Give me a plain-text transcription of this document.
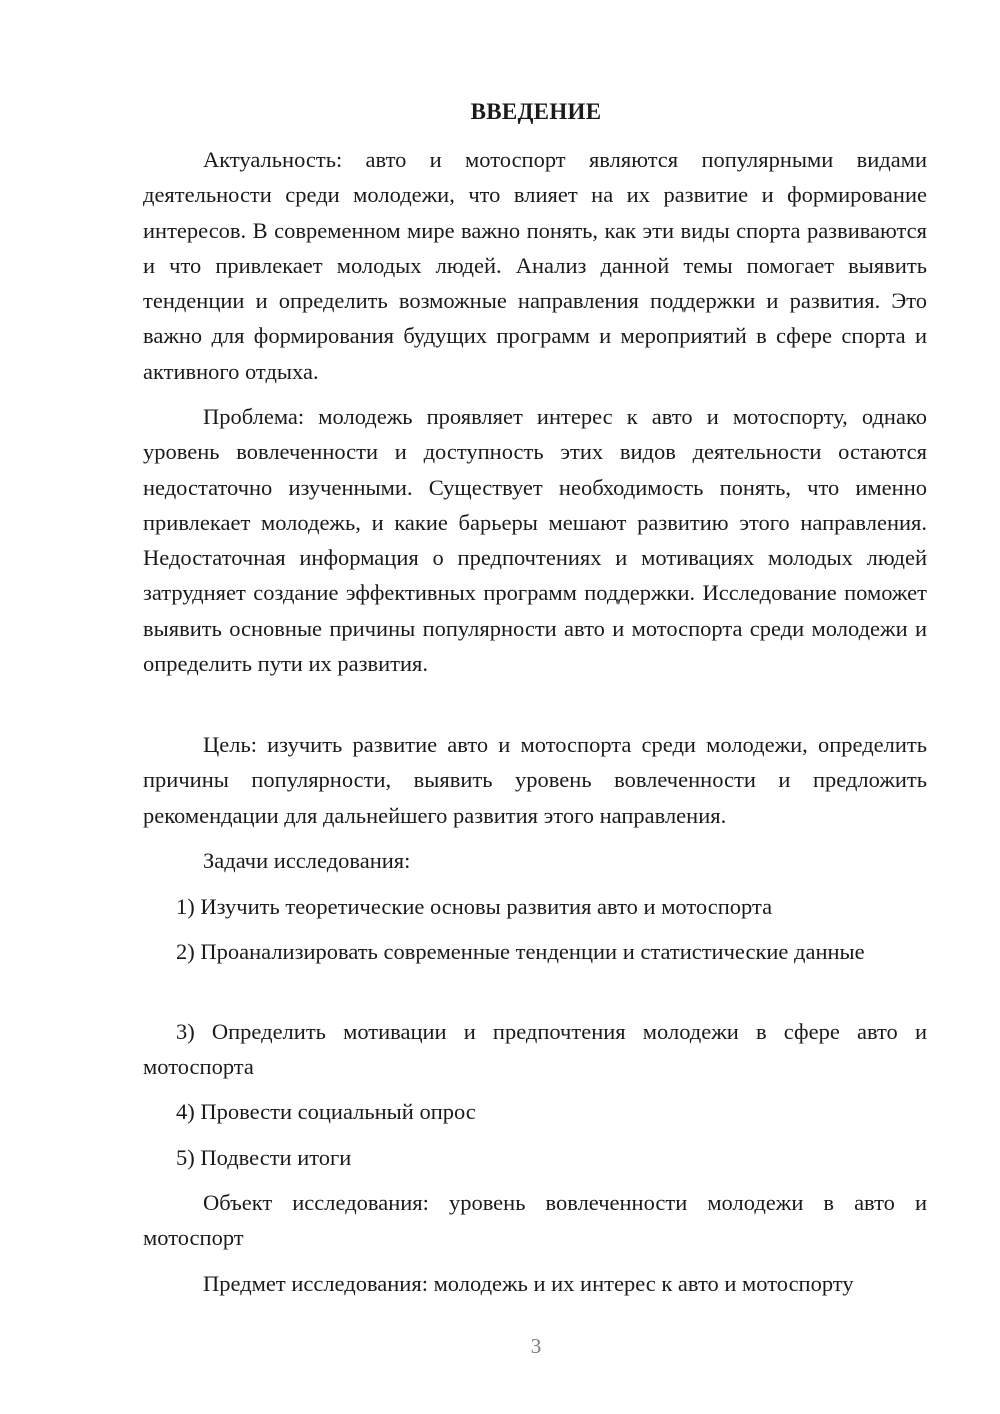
ВВЕДЕНИЕ

Актуальность: авто и мотоспорт являются популярными видами деятельности среди молодежи, что влияет на их развитие и формирование интересов. В современном мире важно понять, как эти виды спорта развиваются и что привлекает молодых людей. Анализ данной темы помогает выявить тенденции и определить возможные направления поддержки и развития. Это важно для формирования будущих программ и мероприятий в сфере спорта и активного отдыха.

Проблема: молодежь проявляет интерес к авто и мотоспорту, однако уровень вовлеченности и доступность этих видов деятельности остаются недостаточно изученными. Существует необходимость понять, что именно привлекает молодежь, и какие барьеры мешают развитию этого направления. Недостаточная информация о предпочтениях и мотивациях молодых людей затрудняет создание эффективных программ поддержки. Исследование поможет выявить основные причины популярности авто и мотоспорта среди молодежи и определить пути их развития.

Цель: изучить развитие авто и мотоспорта среди молодежи, определить причины популярности, выявить уровень вовлеченности и предложить рекомендации для дальнейшего развития этого направления.

Задачи исследования:

1) Изучить теоретические основы развития авто и мотоспорта

2) Проанализировать современные тенденции и статистические данные

3) Определить мотивации и предпочтения молодежи в сфере авто и мотоспорта

4) Провести социальный опрос

5) Подвести итоги

Объект исследования: уровень вовлеченности молодежи в авто и мотоспорт

Предмет исследования: молодежь и их интерес к авто и мотоспорту

3
